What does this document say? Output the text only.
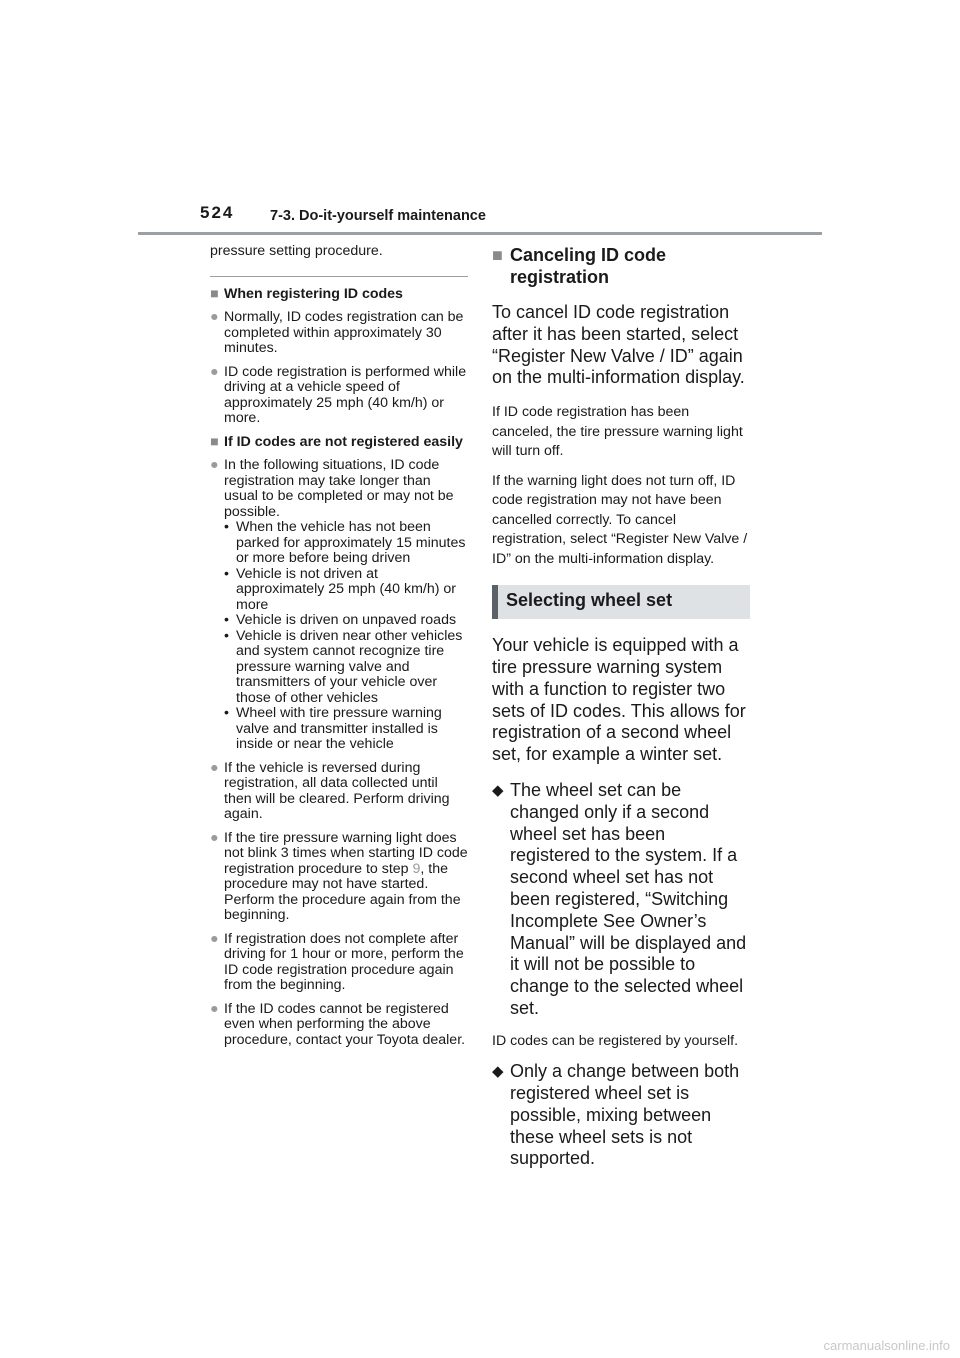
524 7-3. Do-it-yourself maintenance
pressure setting procedure.
■ When registering ID codes
● Normally, ID codes registration can be completed within approximately 30 minutes.
● ID code registration is performed while driving at a vehicle speed of approximately 25 mph (40 km/h) or more.
■ If ID codes are not registered easily
● In the following situations, ID code registration may take longer than usual to be completed or may not be possible.
• When the vehicle has not been parked for approximately 15 minutes or more before being driven
• Vehicle is not driven at approximately 25 mph (40 km/h) or more
• Vehicle is driven on unpaved roads
• Vehicle is driven near other vehicles and system cannot recognize tire pressure warning valve and transmitters of your vehicle over those of other vehicles
• Wheel with tire pressure warning valve and transmitter installed is inside or near the vehicle
● If the vehicle is reversed during registration, all data collected until then will be cleared. Perform driving again.
● If the tire pressure warning light does not blink 3 times when starting ID code registration procedure to step 9, the procedure may not have started. Perform the procedure again from the beginning.
● If registration does not complete after driving for 1 hour or more, perform the ID code registration procedure again from the beginning.
● If the ID codes cannot be registered even when performing the above procedure, contact your Toyota dealer.
■ Canceling ID code registration
To cancel ID code registration after it has been started, select “Register New Valve / ID” again on the multi-information display.
If ID code registration has been canceled, the tire pressure warning light will turn off.
If the warning light does not turn off, ID code registration may not have been cancelled correctly. To cancel registration, select “Register New Valve / ID” on the multi-information display.
Selecting wheel set
Your vehicle is equipped with a tire pressure warning system with a function to register two sets of ID codes. This allows for registration of a second wheel set, for example a winter set.
◆ The wheel set can be changed only if a second wheel set has been registered to the system. If a second wheel set has not been registered, “Switching Incomplete See Owner’s Manual” will be displayed and it will not be possible to change to the selected wheel set.
ID codes can be registered by yourself.
◆ Only a change between both registered wheel set is possible, mixing between these wheel sets is not supported.
carmanualsonline.info
